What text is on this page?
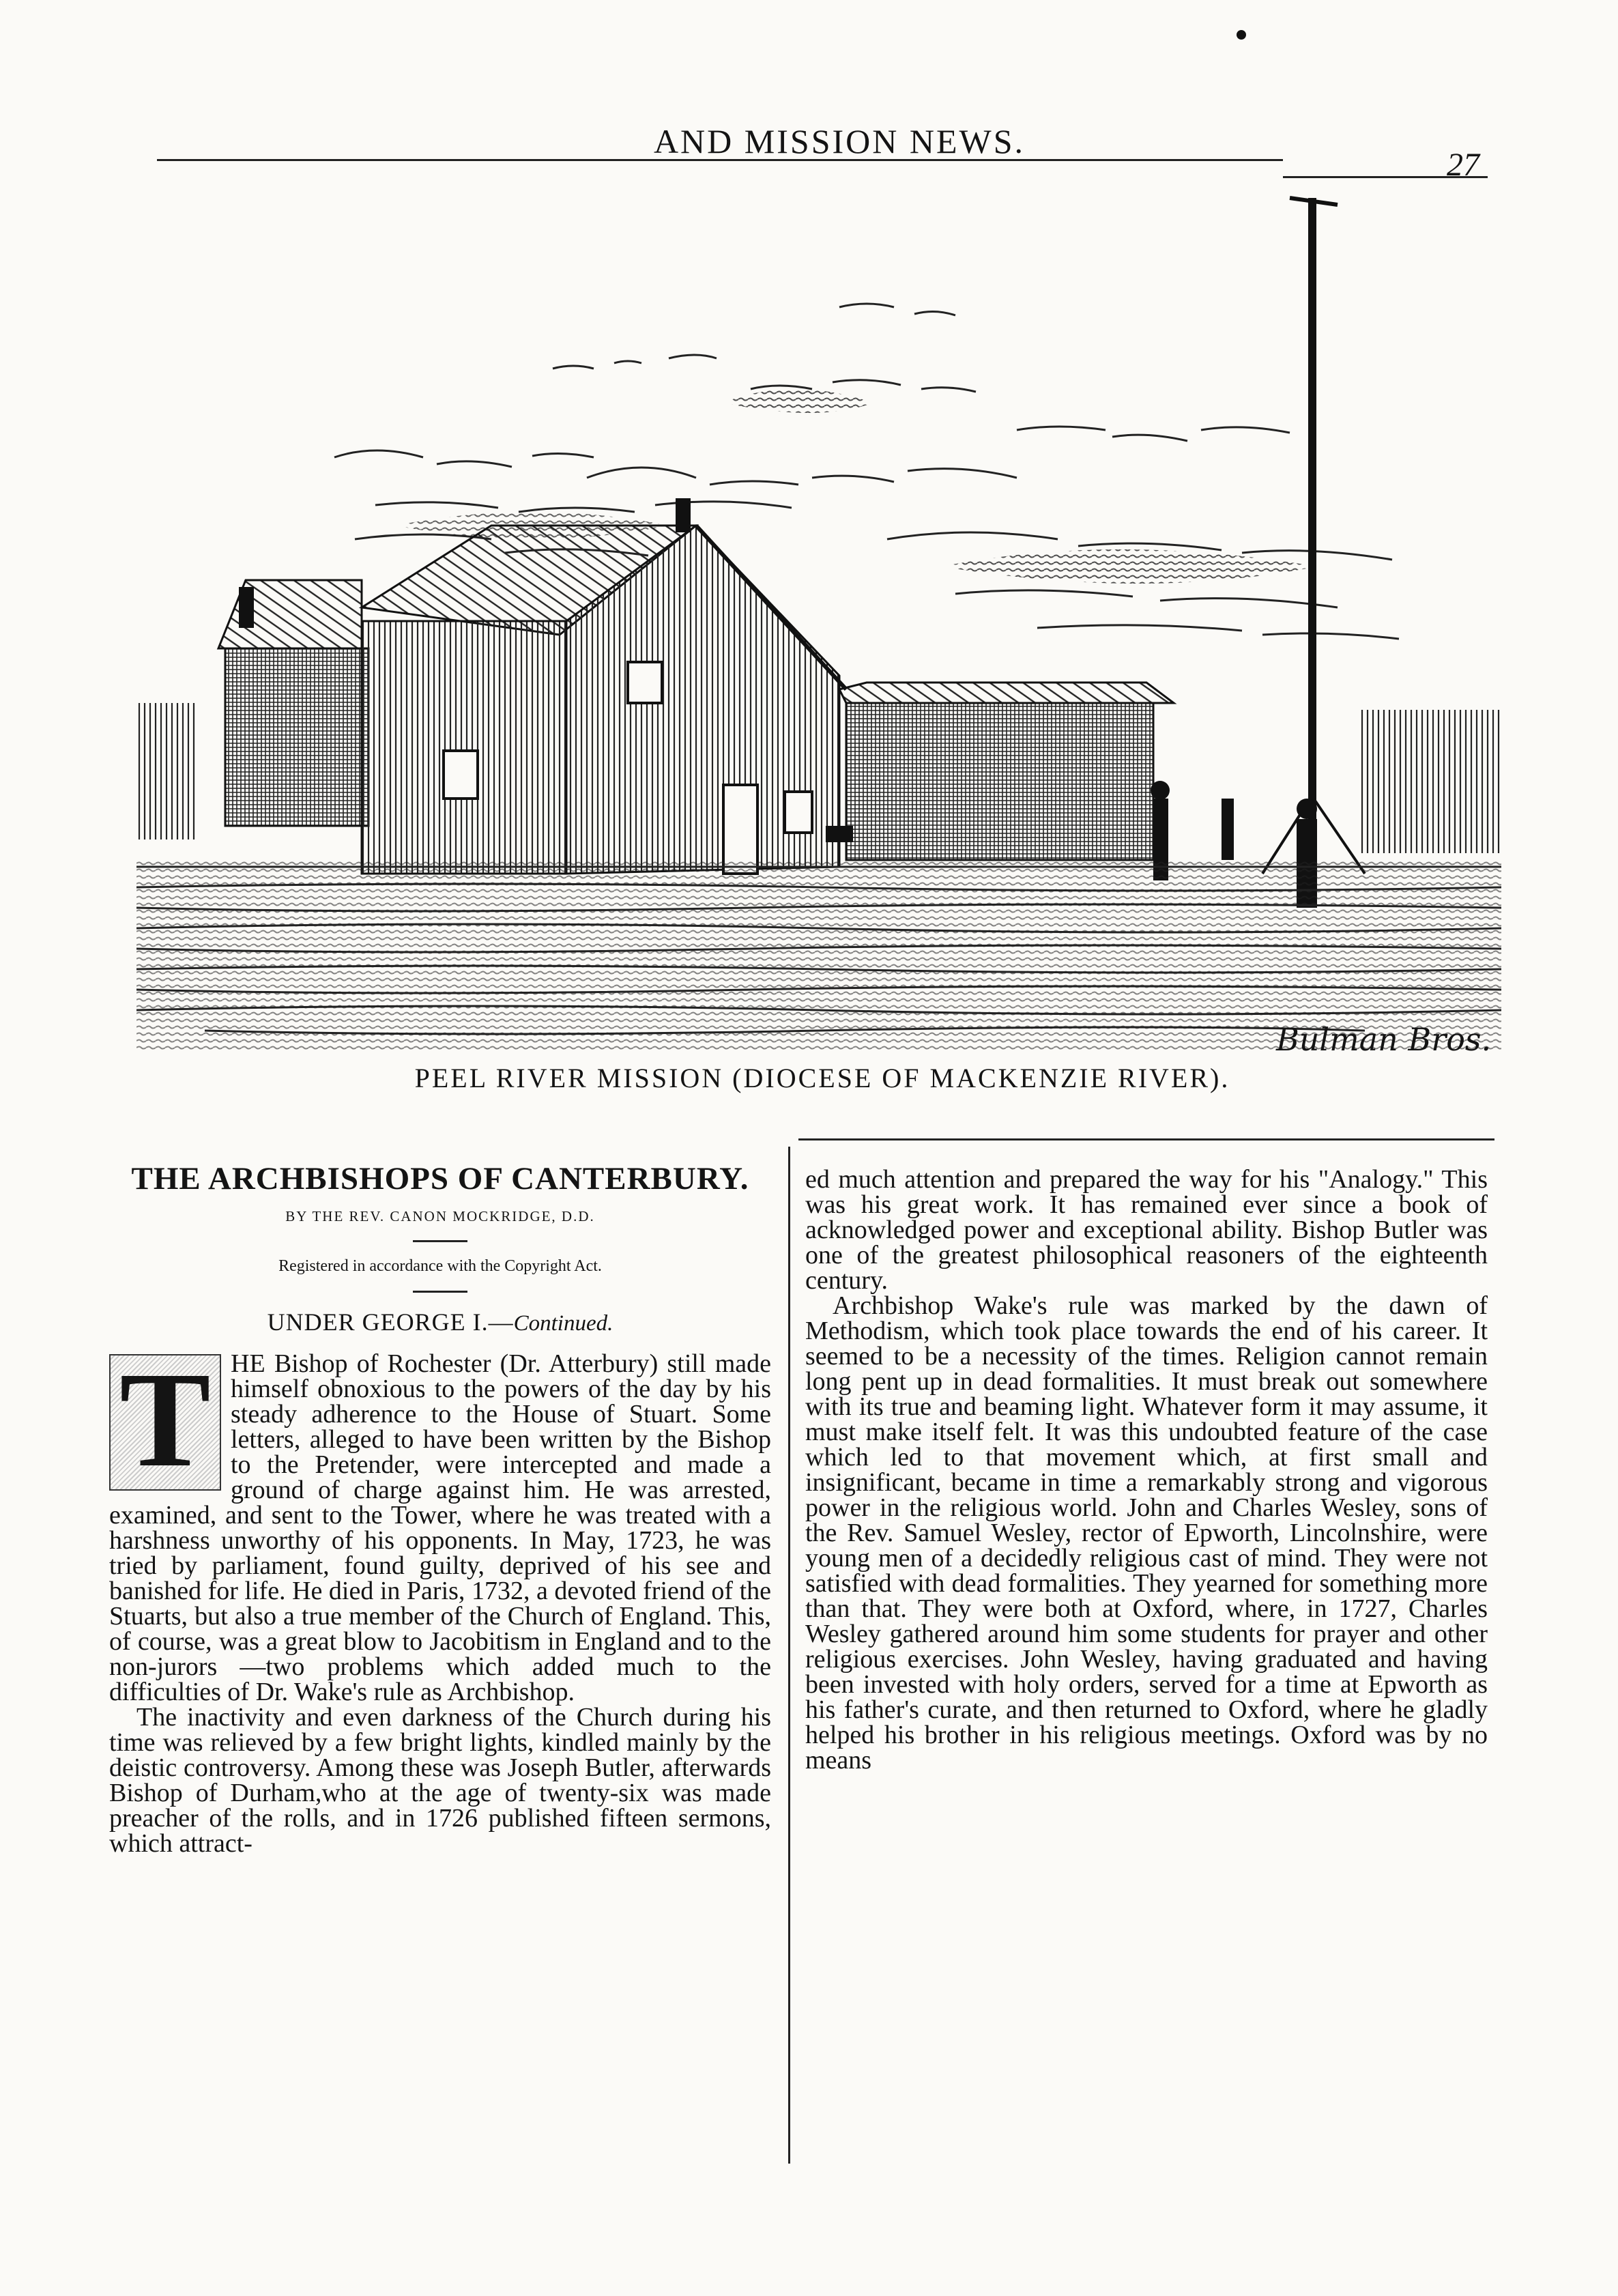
AND MISSION NEWS.
27
Bulman Bros.
PEEL RIVER MISSION (DIOCESE OF MACKENZIE RIVER).
THE ARCHBISHOPS OF CANTERBURY.

BY THE REV. CANON MOCKRIDGE, D.D.

Registered in accordance with the Copyright Act.

UNDER GEORGE I.—Continued.

T HE Bishop of Rochester (Dr. Atterbury) still made himself obnoxious to the powers of the day by his steady adherence to the House of Stuart. Some letters, alleged to have been written by the Bishop to the Pretender, were intercepted and made a ground of charge against him. He was arrested, examined, and sent to the Tower, where he was treated with a harshness unworthy of his opponents. In May, 1723, he was tried by parliament, found guilty, deprived of his see and banished for life. He died in Paris, 1732, a devoted friend of the Stuarts, but also a true member of the Church of England. This, of course, was a great blow to Jacobitism in England and to the non-jurors —two problems which added much to the difficulties of Dr. Wake's rule as Archbishop.

The inactivity and even darkness of the Church during his time was relieved by a few bright lights, kindled mainly by the deistic controversy. Among these was Joseph Butler, afterwards Bishop of Durham,who at the age of twenty-six was made preacher of the rolls, and in 1726 published fifteen sermons, which attract-

ed much attention and prepared the way for his "Analogy." This was his great work. It has remained ever since a book of acknowledged power and exceptional ability. Bishop Butler was one of the greatest philosophical reasoners of the eighteenth century.

Archbishop Wake's rule was marked by the dawn of Methodism, which took place towards the end of his career. It seemed to be a necessity of the times. Religion cannot remain long pent up in dead formalities. It must break out somewhere with its true and beaming light. Whatever form it may assume, it must make itself felt. It was this undoubted feature of the case which led to that movement which, at first small and insignificant, became in time a remarkably strong and vigorous power in the religious world. John and Charles Wesley, sons of the Rev. Samuel Wesley, rector of Epworth, Lincolnshire, were young men of a decidedly religious cast of mind. They were not satisfied with dead formalities. They yearned for something more than that. They were both at Oxford, where, in 1727, Charles Wesley gathered around him some students for prayer and other religious exercises. John Wesley, having graduated and having been invested with holy orders, served for a time at Epworth as his father's curate, and then returned to Oxford, where he gladly helped his brother in his religious meetings. Oxford was by no means
